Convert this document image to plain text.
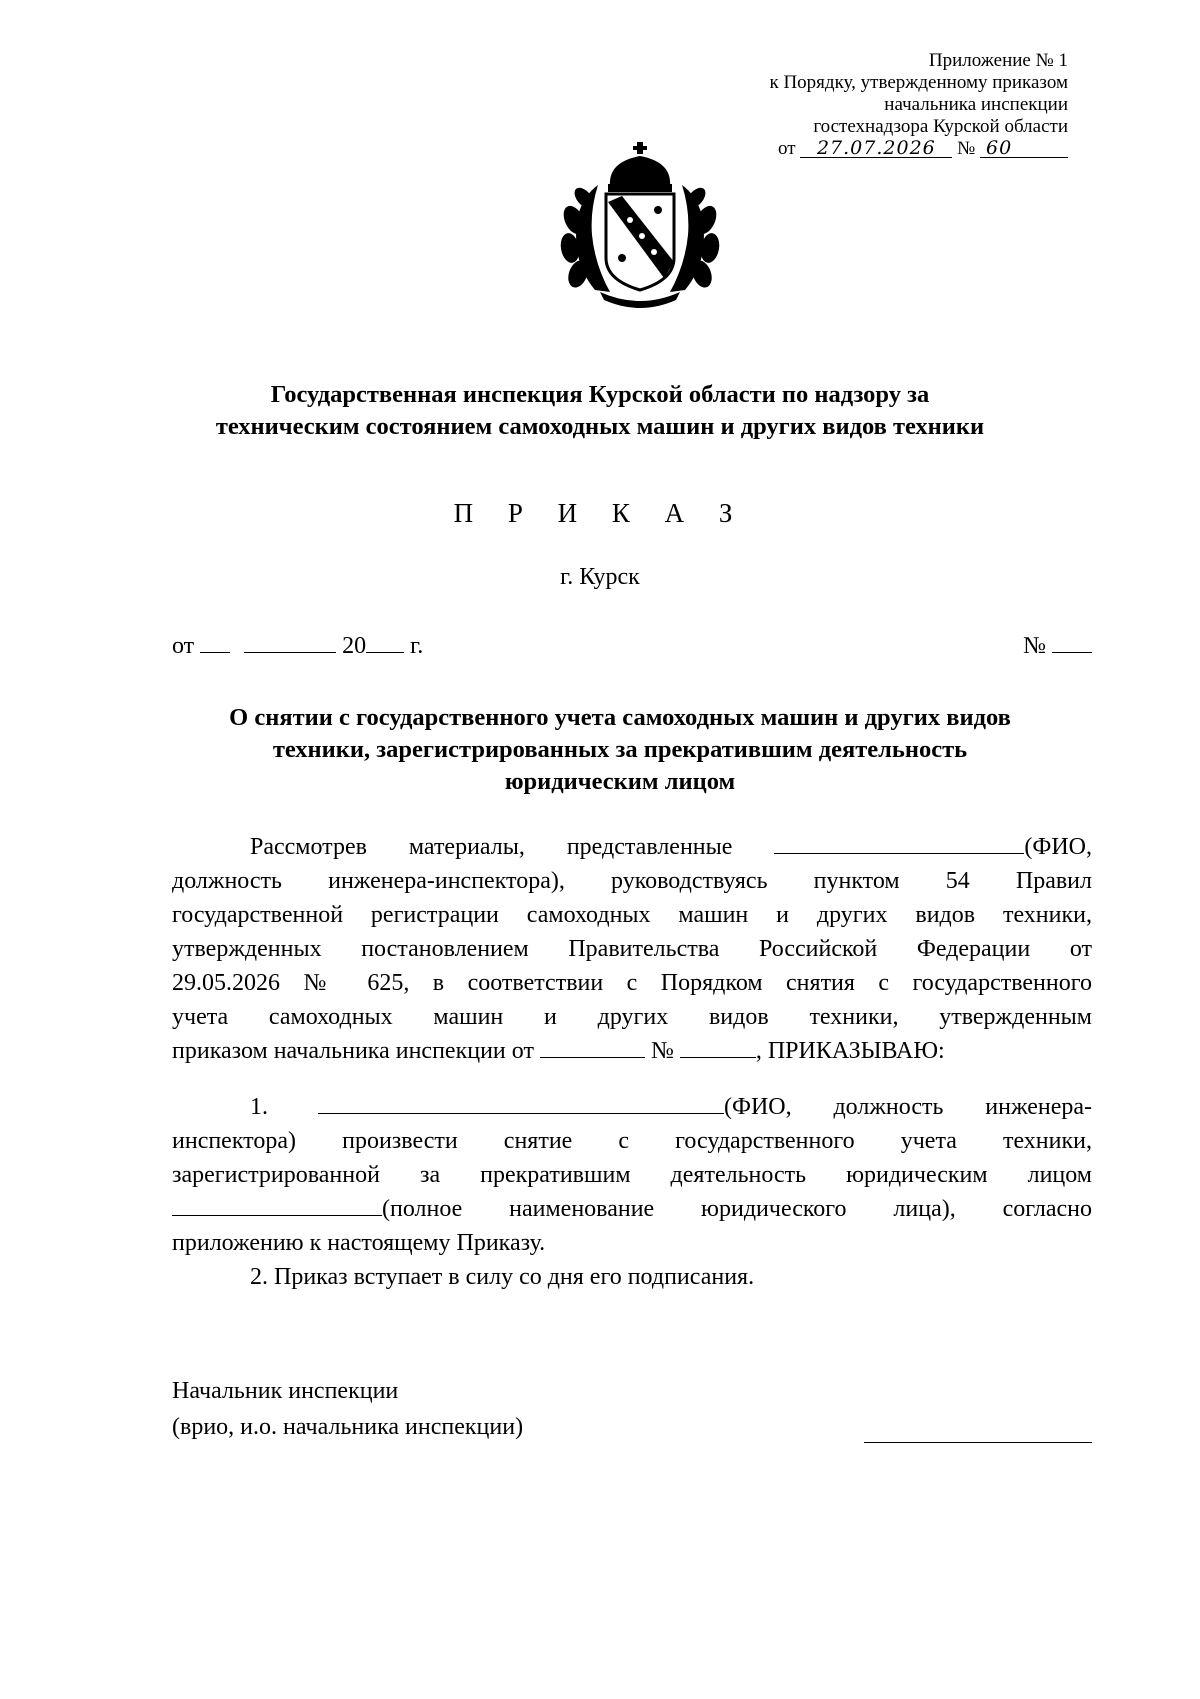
Приложение № 1
к Порядку, утвержденному приказом
начальника инспекции
гостехнадзора Курской области
от 27.07.2026 № 60
Государственная инспекция Курской области по надзору за
техническим состоянием самоходных машин и других видов техники
П Р И К А З
г. Курск
от	20 г.	№
О снятии с государственного учета самоходных машин и других видов
техники, зарегистрированных за прекратившим деятельность
юридическим лицом
Рассмотрев материалы, представленные	(ФИО,
должность инженера-инспектора), руководствуясь пунктом 54 Правил
государственной регистрации самоходных машин и других видов техники,
утвержденных постановлением Правительства Российской Федерации от
29.05.2026 № 625, в соответствии с Порядком снятия с государственного
учета самоходных машин и других видов техники, утвержденным
приказом начальника инспекции от	№	, ПРИКАЗЫВАЮ:
1.	(ФИО, должность инженера-
инспектора) произвести снятие с государственного учета техники,
зарегистрированной за прекратившим деятельность юридическим лицом
(полное наименование юридического лица), согласно
приложению к настоящему Приказу.
2. Приказ вступает в силу со дня его подписания.
Начальник инспекции
(врио, и.о. начальника инспекции)
